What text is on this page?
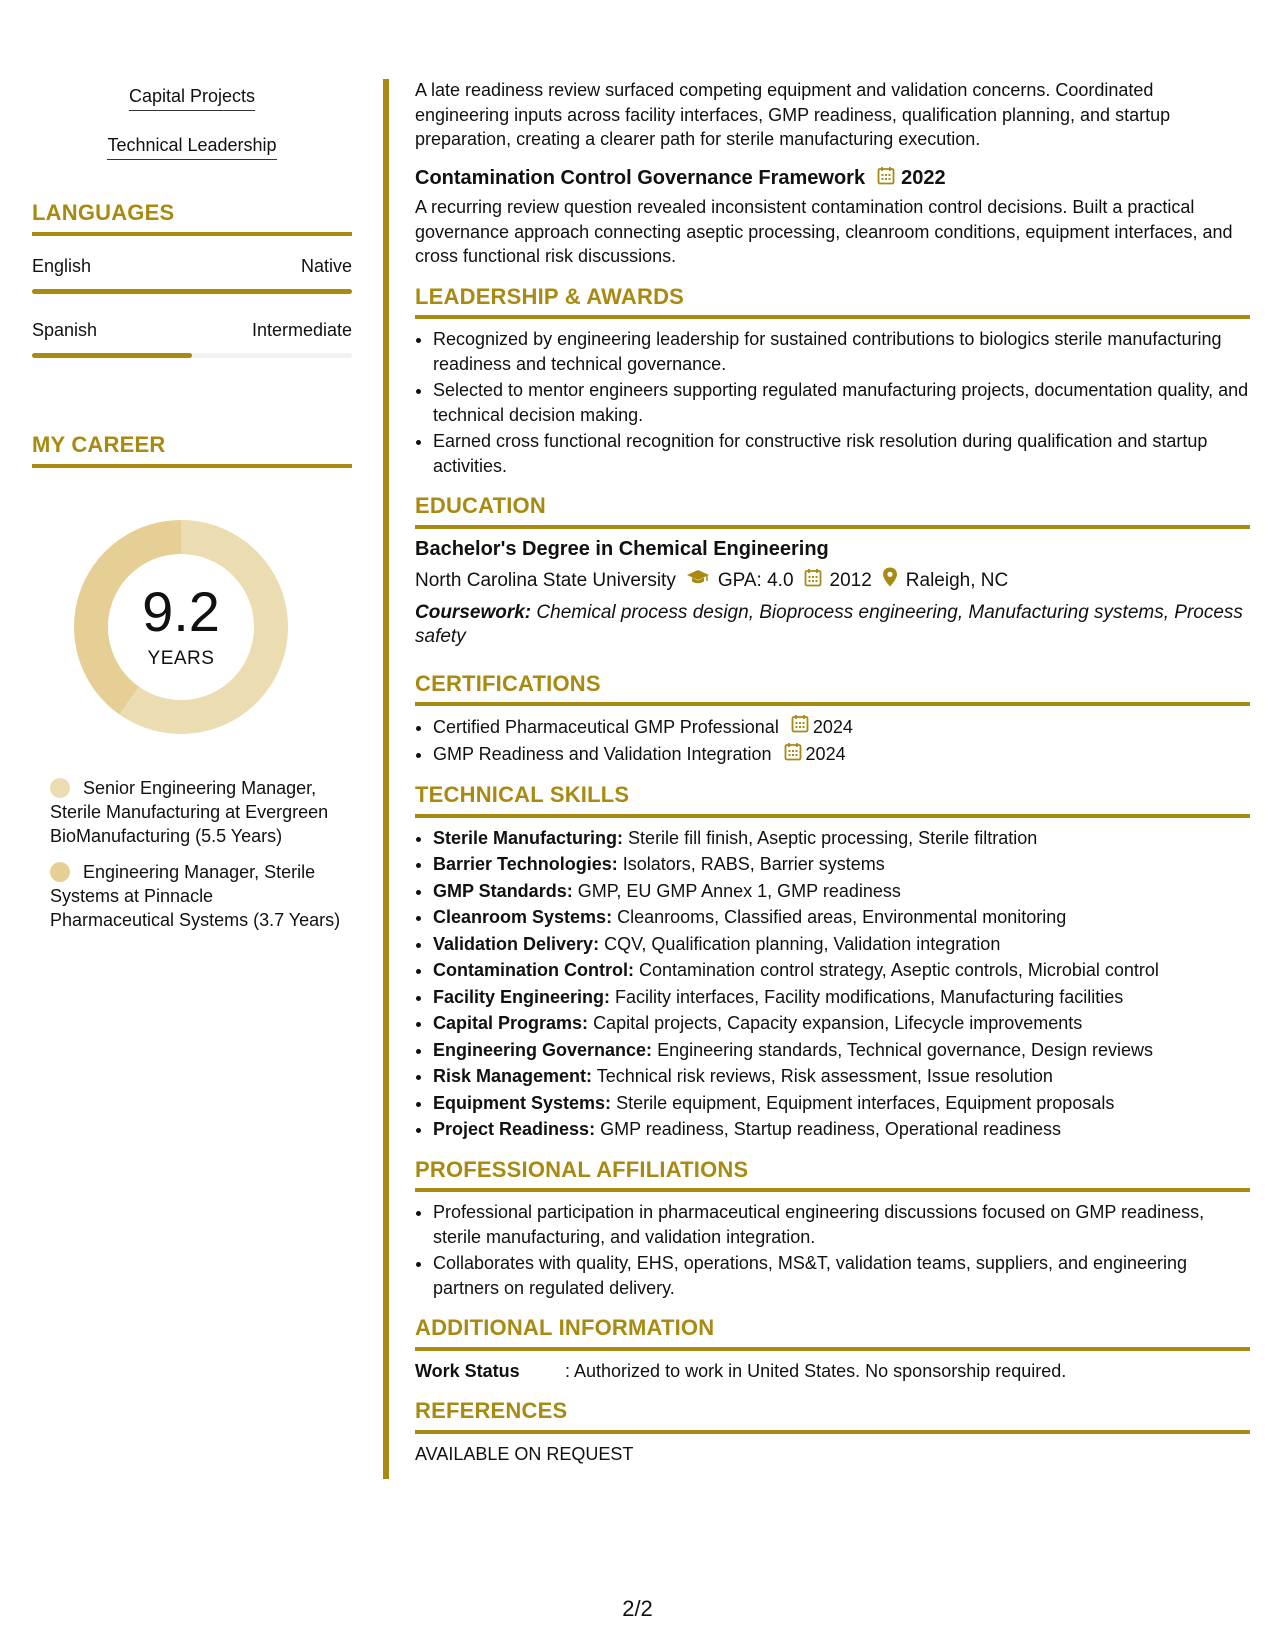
Capital Projects
Technical Leadership
LANGUAGES
English	Native
Spanish	Intermediate
MY CAREER
9.2
YEARS
Senior Engineering Manager, Sterile Manufacturing at Evergreen BioManufacturing (5.5 Years)
Engineering Manager, Sterile Systems at Pinnacle Pharmaceutical Systems (3.7 Years)

A late readiness review surfaced competing equipment and validation concerns. Coordinated engineering inputs across facility interfaces, GMP readiness, qualification planning, and startup preparation, creating a clearer path for sterile manufacturing execution.

Contamination Control Governance Framework 2022

A recurring review question revealed inconsistent contamination control decisions. Built a practical governance approach connecting aseptic processing, cleanroom conditions, equipment interfaces, and cross functional risk discussions.

LEADERSHIP & AWARDS
• Recognized by engineering leadership for sustained contributions to biologics sterile manufacturing readiness and technical governance.
• Selected to mentor engineers supporting regulated manufacturing projects, documentation quality, and technical decision making.
• Earned cross functional recognition for constructive risk resolution during qualification and startup activities.
EDUCATION
Bachelor's Degree in Chemical Engineering
North Carolina State University GPA: 4.0 2012 Raleigh, NC
Coursework: Chemical process design, Bioprocess engineering, Manufacturing systems, Process safety
CERTIFICATIONS
• Certified Pharmaceutical GMP Professional 2024
• GMP Readiness and Validation Integration 2024
TECHNICAL SKILLS
• Sterile Manufacturing: Sterile fill finish, Aseptic processing, Sterile filtration
• Barrier Technologies: Isolators, RABS, Barrier systems
• GMP Standards: GMP, EU GMP Annex 1, GMP readiness
• Cleanroom Systems: Cleanrooms, Classified areas, Environmental monitoring
• Validation Delivery: CQV, Qualification planning, Validation integration
• Contamination Control: Contamination control strategy, Aseptic controls, Microbial control
• Facility Engineering: Facility interfaces, Facility modifications, Manufacturing facilities
• Capital Programs: Capital projects, Capacity expansion, Lifecycle improvements
• Engineering Governance: Engineering standards, Technical governance, Design reviews
• Risk Management: Technical risk reviews, Risk assessment, Issue resolution
• Equipment Systems: Sterile equipment, Equipment interfaces, Equipment proposals
• Project Readiness: GMP readiness, Startup readiness, Operational readiness
PROFESSIONAL AFFILIATIONS
• Professional participation in pharmaceutical engineering discussions focused on GMP readiness, sterile manufacturing, and validation integration.
• Collaborates with quality, EHS, operations, MS&T, validation teams, suppliers, and engineering partners on regulated delivery.
ADDITIONAL INFORMATION
Work Status	: Authorized to work in United States. No sponsorship required.
REFERENCES
AVAILABLE ON REQUEST
2/2
